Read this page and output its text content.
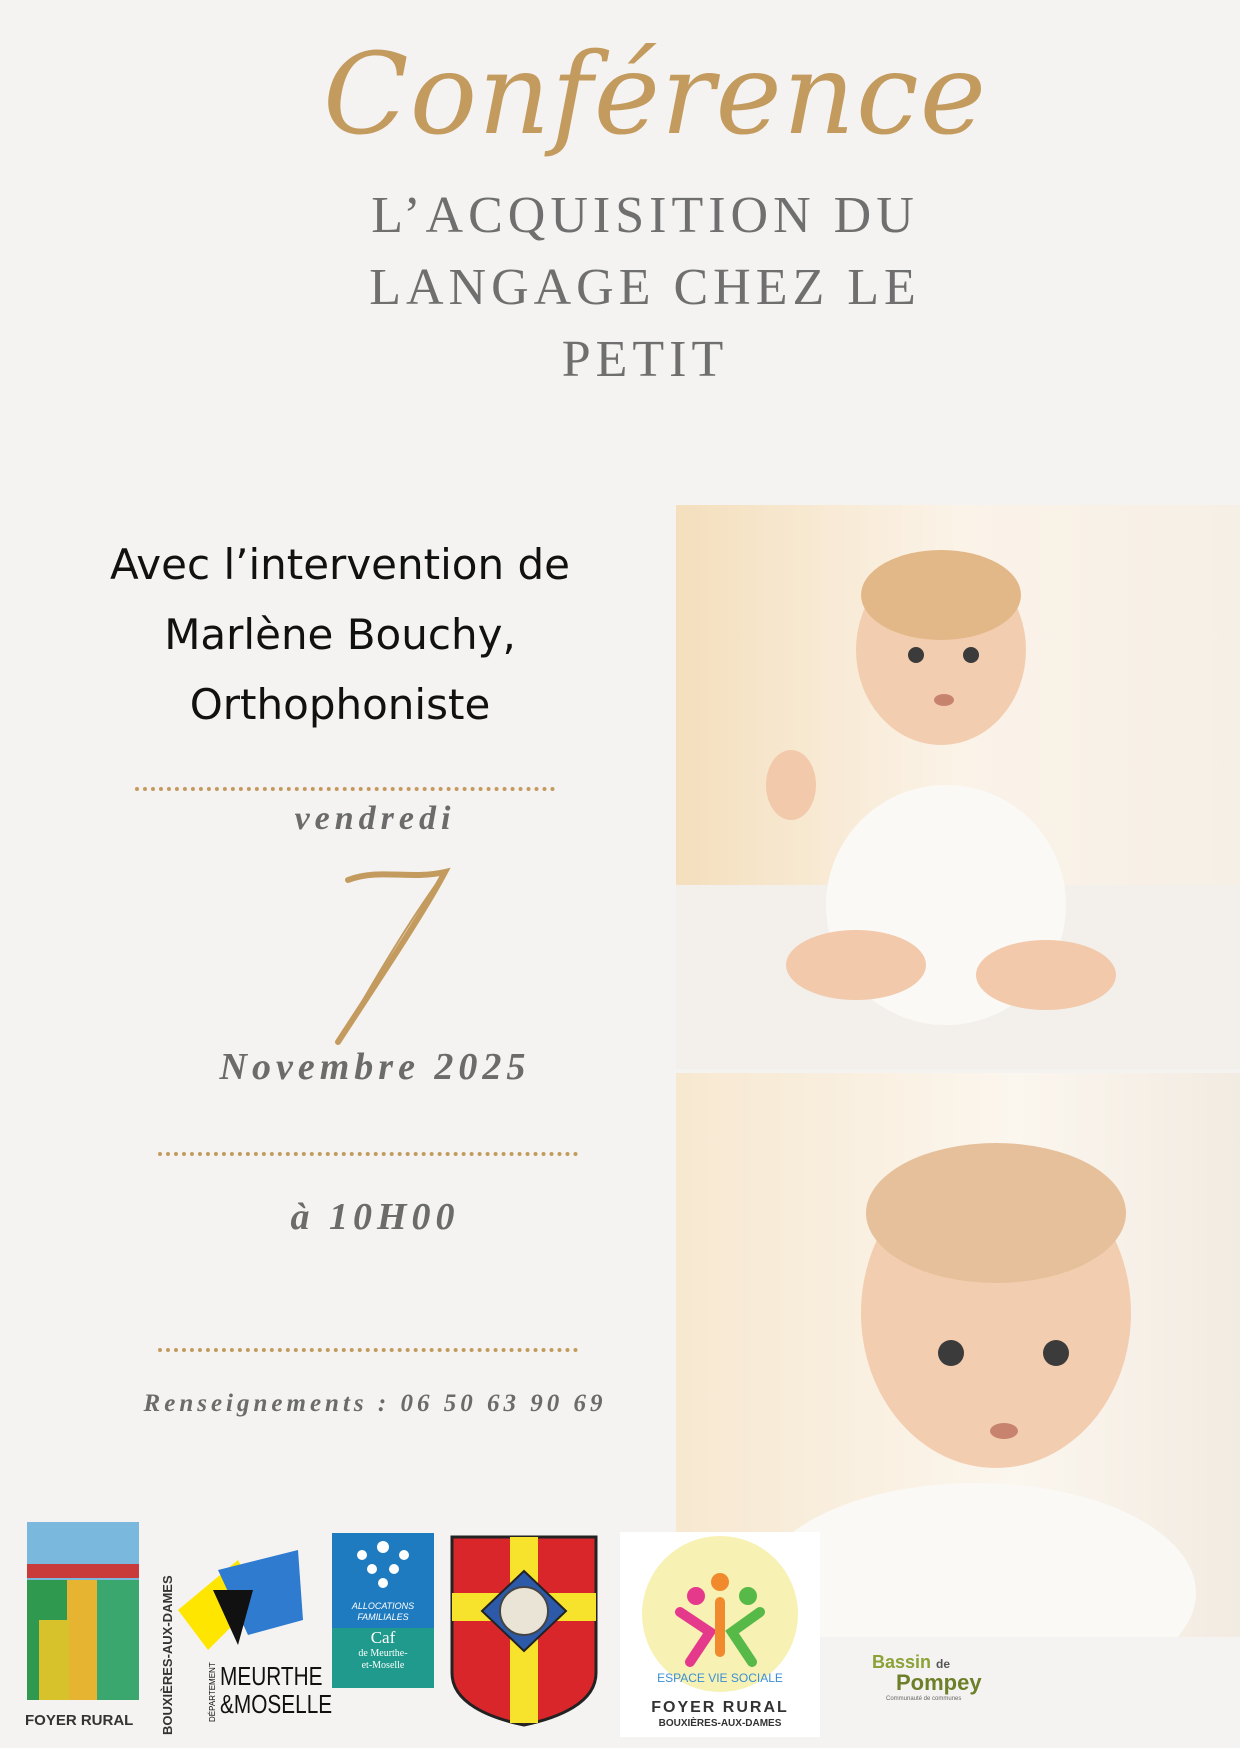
Conférence
L’ACQUISITION DU
LANGAGE CHEZ LE
PETIT
Avec l’intervention de
Marlène Bouchy,
Orthophoniste
vendredi
Novembre 2025
à 10H00
Renseignements : 06 50 63 90 69
FOYER RURAL BOUXIÈRES-AUX-DAMES MEURTHE
&MOSELLE
DÉPARTEMENT
ALLOCATIONS
FAMILIALES
Caf
de Meurthe-
et-Moselle
ESPACE VIE SOCIALE
FOYER RURAL
BOUXIÈRES-AUX-DAMES
Bassin de
Pompey
Communauté de communes
